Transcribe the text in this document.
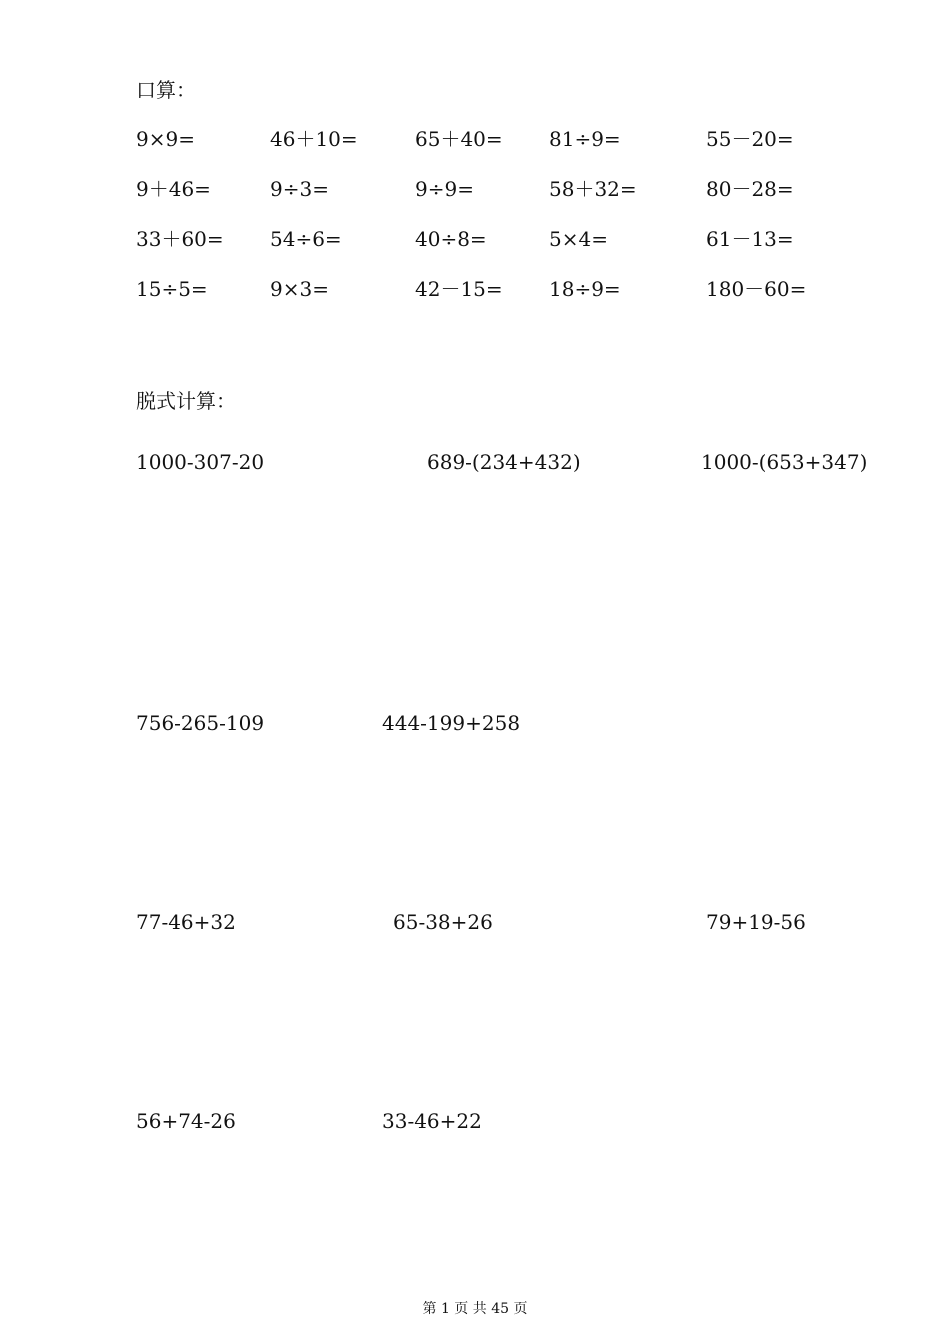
口算：
9×9=	46＋10=	65＋40= 81÷9=	55－20=
9＋46=	9÷3=	9÷9=	58＋32=	80－28=
33＋60= 54÷6=	40÷8=	5×4=	61－13=
15÷5=	9×3=	42－15= 18÷9=	180－60=
脱式计算：
1000-307-20	689-(234+432)	1000-(653+347)
756-265-109	444-199+258
77-46+32	65-38+26	79+19-56
56+74-26	33-46+22
第 1 页 共 45 页
